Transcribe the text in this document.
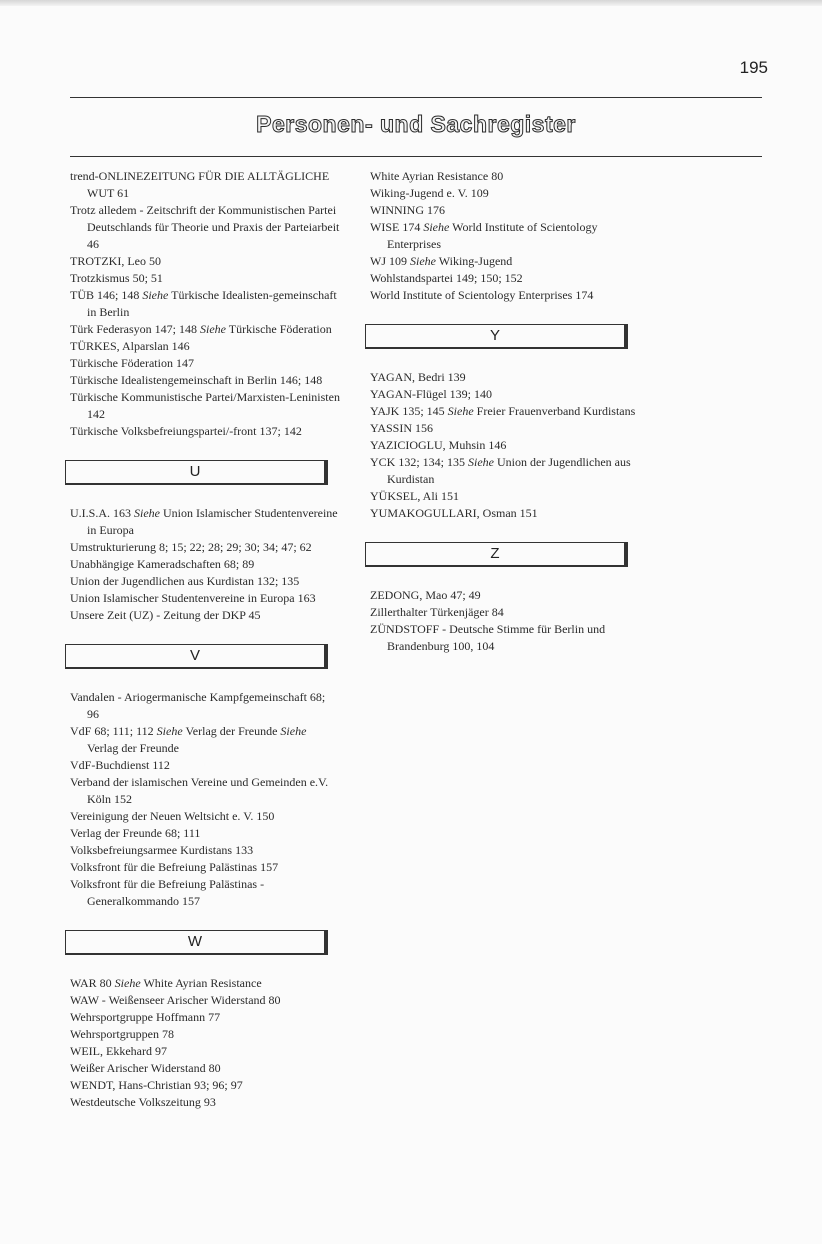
195
Personen- und Sachregister
trend-ONLINEZEITUNG FÜR DIE ALLTÄGLICHE WUT 61
Trotz alledem - Zeitschrift der Kommunistischen Partei Deutschlands für Theorie und Praxis der Parteiarbeit 46
TROTZKI, Leo 50
Trotzkismus 50; 51
TÜB 146; 148 Siehe Türkische Idealisten-gemeinschaft in Berlin
Türk Federasyon 147; 148 Siehe Türkische Föderation
TÜRKES, Alparslan 146
Türkische Föderation 147
Türkische Idealistengemeinschaft in Berlin 146; 148
Türkische Kommunistische Partei/Marxisten-Leninisten 142
Türkische Volksbefreiungspartei/-front 137; 142
U
U.I.S.A. 163 Siehe Union Islamischer Studentenvereine in Europa
Umstrukturierung 8; 15; 22; 28; 29; 30; 34; 47; 62
Unabhängige Kameradschaften 68; 89
Union der Jugendlichen aus Kurdistan 132; 135
Union Islamischer Studentenvereine in Europa 163
Unsere Zeit (UZ) - Zeitung der DKP 45
V
Vandalen - Ariogermanische Kampfgemeinschaft 68; 96
VdF 68; 111; 112 Siehe Verlag der Freunde Siehe Verlag der Freunde
VdF-Buchdienst 112
Verband der islamischen Vereine und Gemeinden e.V. Köln 152
Vereinigung der Neuen Weltsicht e. V. 150
Verlag der Freunde 68; 111
Volksbefreiungsarmee Kurdistans 133
Volksfront für die Befreiung Palästinas 157
Volksfront für die Befreiung Palästinas - Generalkommando 157
W
WAR 80 Siehe White Ayrian Resistance
WAW - Weißenseer Arischer Widerstand 80
Wehrsportgruppe Hoffmann 77
Wehrsportgruppen 78
WEIL, Ekkehard 97
Weißer Arischer Widerstand 80
WENDT, Hans-Christian 93; 96; 97
Westdeutsche Volkszeitung 93
White Ayrian Resistance 80
Wiking-Jugend e. V. 109
WINNING 176
WISE 174 Siehe World Institute of Scientology Enterprises
WJ 109 Siehe Wiking-Jugend
Wohlstandspartei 149; 150; 152
World Institute of Scientology Enterprises 174
Y
YAGAN, Bedri 139
YAGAN-Flügel 139; 140
YAJK 135; 145 Siehe Freier Frauenverband Kurdistans
YASSIN 156
YAZICIOGLU, Muhsin 146
YCK 132; 134; 135 Siehe Union der Jugendlichen aus Kurdistan
YÜKSEL, Ali 151
YUMAKOGULLARI, Osman 151
Z
ZEDONG, Mao 47; 49
Zillerthalter Türkenjäger 84
ZÜNDSTOFF - Deutsche Stimme für Berlin und Brandenburg 100, 104
